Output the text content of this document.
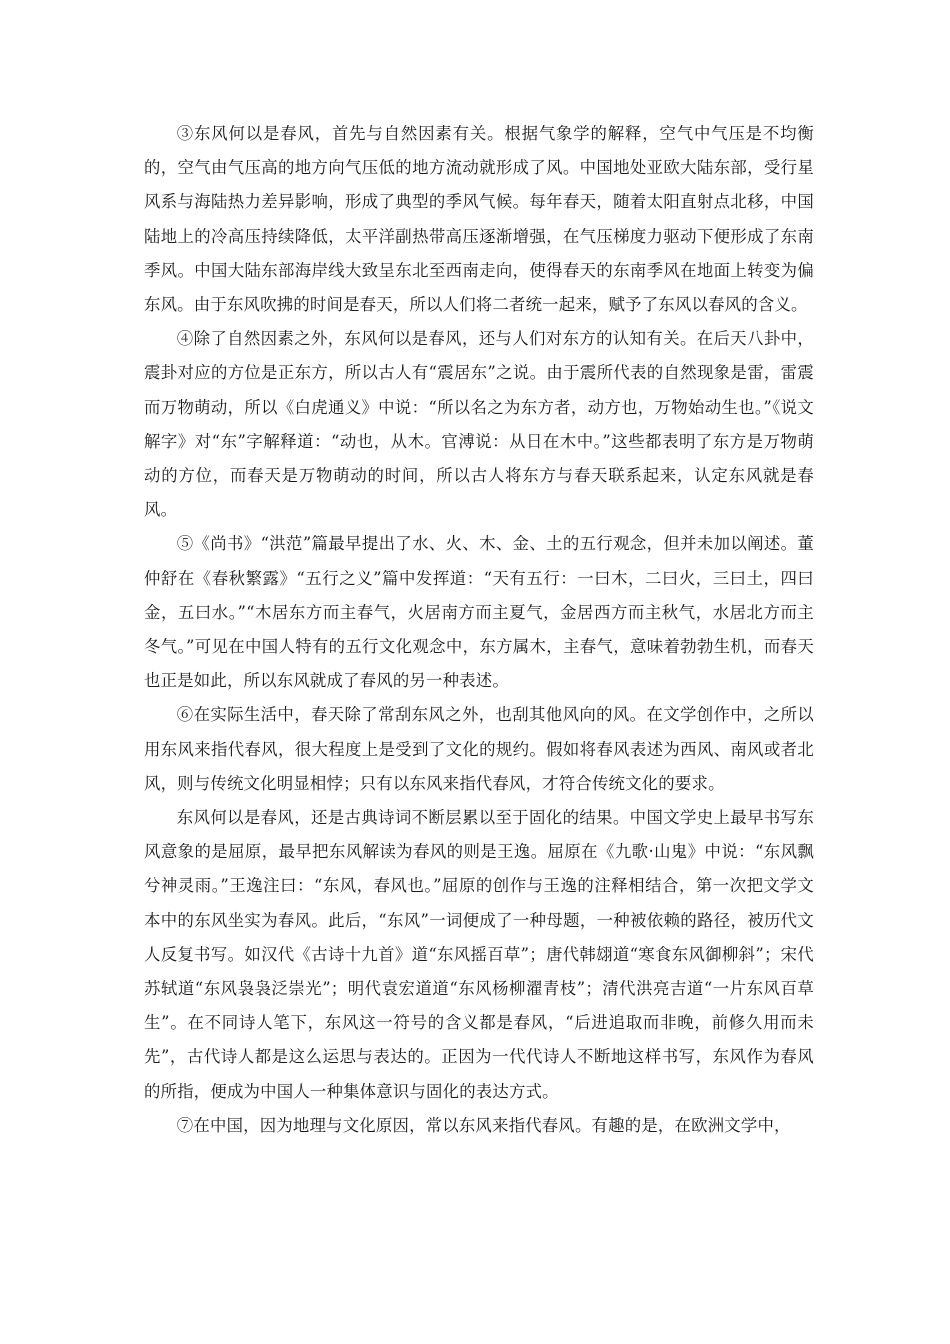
③东风何以是春风，首先与自然因素有关。根据气象学的解释，空气中气压是不均衡的，空气由气压高的地方向气压低的地方流动就形成了风。中国地处亚欧大陆东部，受行星风系与海陆热力差异影响，形成了典型的季风气候。每年春天，随着太阳直射点北移，中国陆地上的冷高压持续降低，太平洋副热带高压逐渐增强，在气压梯度力驱动下便形成了东南季风。中国大陆东部海岸线大致呈东北至西南走向，使得春天的东南季风在地面上转变为偏东风。由于东风吹拂的时间是春天，所以人们将二者统一起来，赋予了东风以春风的含义。

④除了自然因素之外，东风何以是春风，还与人们对东方的认知有关。在后天八卦中，震卦对应的方位是正东方，所以古人有“震居东”之说。由于震所代表的自然现象是雷，雷震而万物萌动，所以《白虎通义》中说：“所以名之为东方者，动方也，万物始动生也。”《说文解字》对“东”字解释道：“动也，从木。官溥说：从日在木中。”这些都表明了东方是万物萌动的方位，而春天是万物萌动的时间，所以古人将东方与春天联系起来，认定东风就是春风。

⑤《尚书》“洪范”篇最早提出了水、火、木、金、土的五行观念，但并未加以阐述。董仲舒在《春秋繁露》“五行之义”篇中发挥道：“天有五行：一曰木，二曰火，三曰土，四曰金，五曰水。”“木居东方而主春气，火居南方而主夏气，金居西方而主秋气，水居北方而主冬气。”可见在中国人特有的五行文化观念中，东方属木，主春气，意味着勃勃生机，而春天也正是如此，所以东风就成了春风的另一种表述。

⑥在实际生活中，春天除了常刮东风之外，也刮其他风向的风。在文学创作中，之所以用东风来指代春风，很大程度上是受到了文化的规约。假如将春风表述为西风、南风或者北风，则与传统文化明显相悖；只有以东风来指代春风，才符合传统文化的要求。

东风何以是春风，还是古典诗词不断层累以至于固化的结果。中国文学史上最早书写东风意象的是屈原，最早把东风解读为春风的则是王逸。屈原在《九歌·山鬼》中说：“东风飘兮神灵雨。”王逸注曰：“东风，春风也。”屈原的创作与王逸的注释相结合，第一次把文学文本中的东风坐实为春风。此后，“东风”一词便成了一种母题，一种被依赖的路径，被历代文人反复书写。如汉代《古诗十九首》道“东风摇百草”；唐代韩翃道“寒食东风御柳斜”；宋代苏轼道“东风袅袅泛崇光”；明代袁宏道道“东风杨柳濯青枝”；清代洪亮吉道“一片东风百草生”。在不同诗人笔下，东风这一符号的含义都是春风，“后进追取而非晚，前修久用而未先”，古代诗人都是这么运思与表达的。正因为一代代诗人不断地这样书写，东风作为春风的所指，便成为中国人一种集体意识与固化的表达方式。

⑦在中国，因为地理与文化原因，常以东风来指代春风。有趣的是，在欧洲文学中，
